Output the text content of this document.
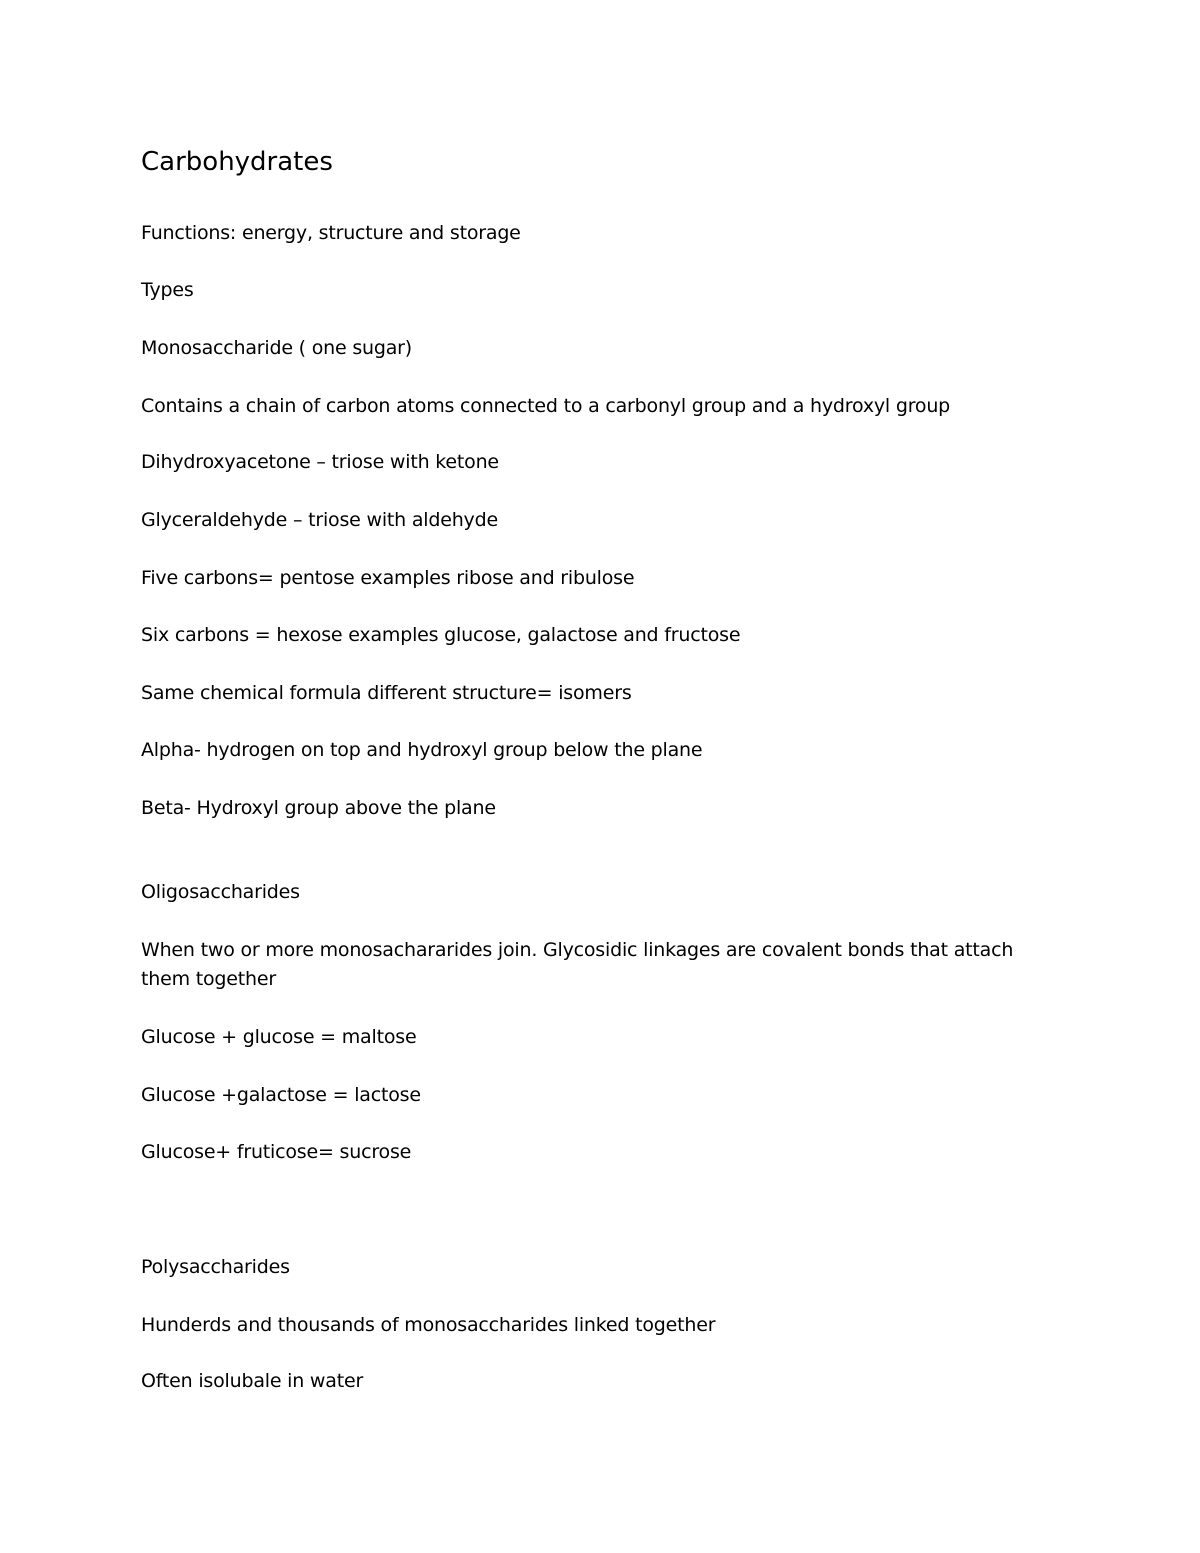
Carbohydrates

Functions: energy, structure and storage

Types

Monosaccharide ( one sugar)

Contains a chain of carbon atoms connected to a carbonyl group and a hydroxyl group

Dihydroxyacetone – triose with ketone

Glyceraldehyde – triose with aldehyde

Five carbons= pentose examples ribose and ribulose

Six carbons = hexose examples glucose, galactose and fructose

Same chemical formula different structure= isomers

Alpha- hydrogen on top and hydroxyl group below the plane

Beta- Hydroxyl group above the plane

Oligosaccharides

When two or more monosachararides join. Glycosidic linkages are covalent bonds that attach them together

Glucose + glucose = maltose

Glucose +galactose = lactose

Glucose+ fruticose= sucrose

Polysaccharides

Hunderds and thousands of monosaccharides linked together

Often isolubale in water
